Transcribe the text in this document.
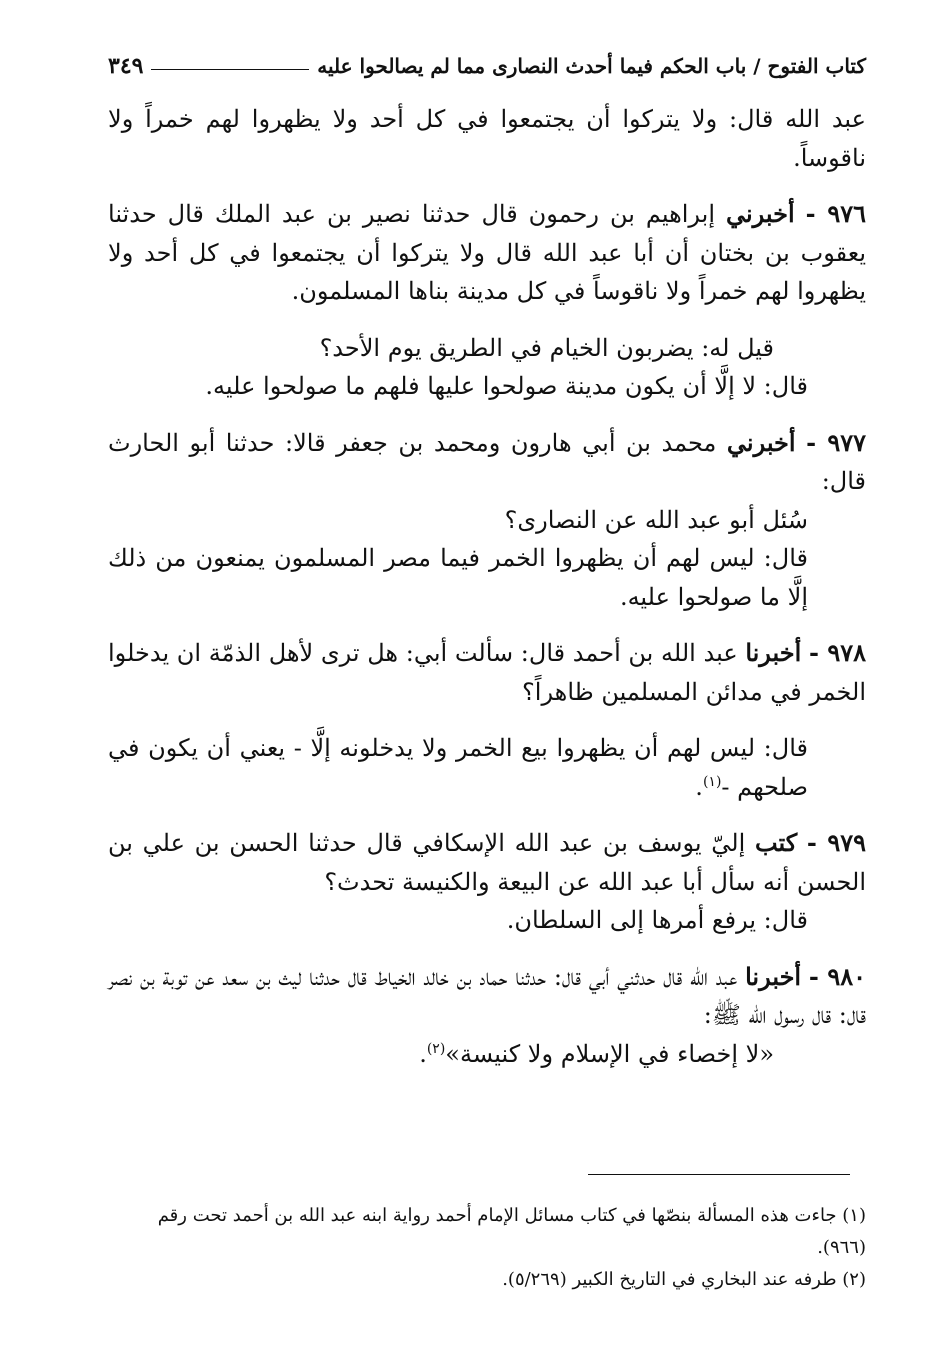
كتاب الفتوح / باب الحكم فيما أحدث النصارى مما لم يصالحوا عليه
٣٤٩

عبد الله قال: ولا يتركوا أن يجتمعوا في كل أحد ولا يظهروا لهم خمراً ولا ناقوساً.

٩٧٦ - أخبرني إبراهيم بن رحمون قال حدثنا نصير بن عبد الملك قال حدثنا يعقوب بن بختان أن أبا عبد الله قال ولا يتركوا أن يجتمعوا في كل أحد ولا يظهروا لهم خمراً ولا ناقوساً في كل مدينة بناها المسلمون.

قيل له: يضربون الخيام في الطريق يوم الأحد؟

قال: لا إلَّا أن يكون مدينة صولحوا عليها فلهم ما صولحوا عليه.

٩٧٧ - أخبرني محمد بن أبي هارون ومحمد بن جعفر قالا: حدثنا أبو الحارث قال:

سُئل أبو عبد الله عن النصارى؟

قال: ليس لهم أن يظهروا الخمر فيما مصر المسلمون يمنعون من ذلك إلَّا ما صولحوا عليه.

٩٧٨ - أخبرنا عبد الله بن أحمد قال: سألت أبي: هل ترى لأهل الذمّة ان يدخلوا الخمر في مدائن المسلمين ظاهراً؟

قال: ليس لهم أن يظهروا بيع الخمر ولا يدخلونه إلَّا - يعني أن يكون في صلحهم -$^{(١)}$.

٩٧٩ - كتب إليّ يوسف بن عبد الله الإسكافي قال حدثنا الحسن بن علي بن الحسن أنه سأل أبا عبد الله عن البيعة والكنيسة تحدث؟

قال: يرفع أمرها إلى السلطان.

٩٨٠ - أخبرنا عبد الله قال حدثني أبي قال: حدثنا حماد بن خالد الخياط قال حدثنا ليث بن سعد عن توبة بن نصر قال: قال رسول الله ﷺ:

«لا إخصاء في الإسلام ولا كنيسة»$^{(٢)}$.

(١) جاءت هذه المسألة بنصّها في كتاب مسائل الإمام أحمد رواية ابنه عبد الله بن أحمد تحت رقم (٩٦٦).

(٢) طرفه عند البخاري في التاريخ الكبير (٥/٢٦٩).
